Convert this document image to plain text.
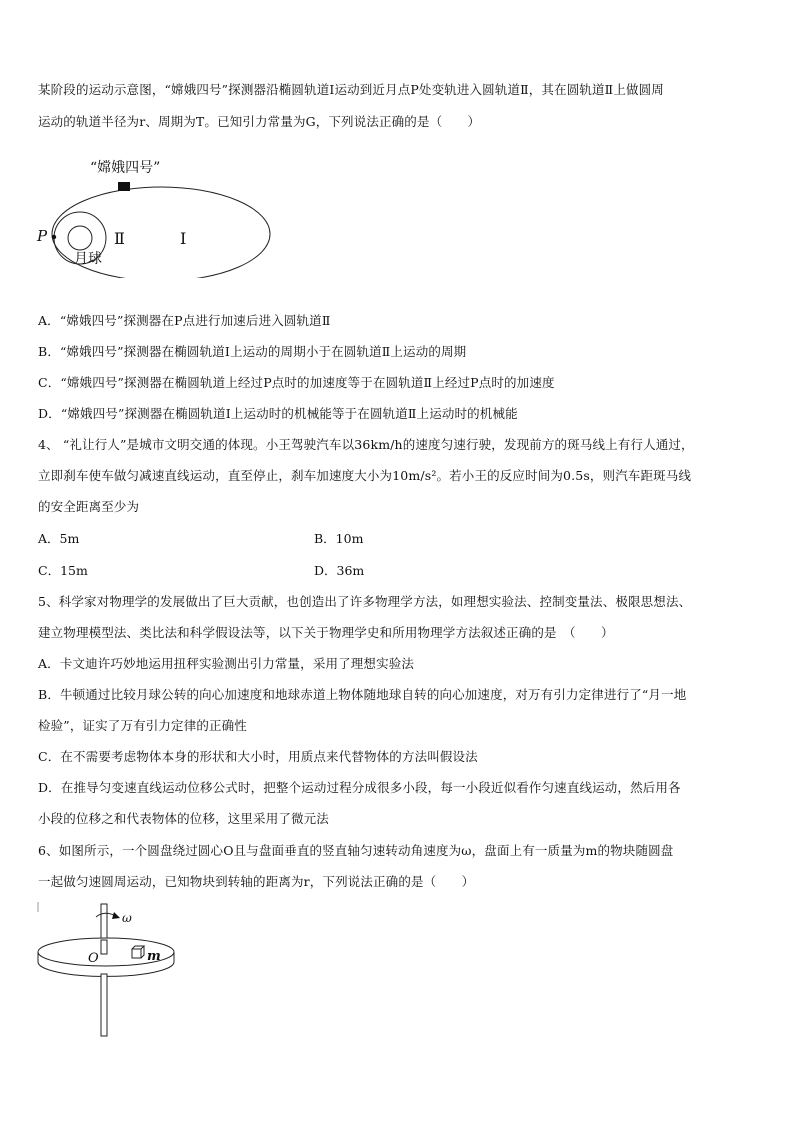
某阶段的运动示意图，“嫦娥四号”探测器沿椭圆轨道Ⅰ运动到近月点P处变轨进入圆轨道Ⅱ，其在圆轨道Ⅱ上做圆周
运动的轨道半径为r、周期为T。已知引力常量为G，下列说法正确的是（　　）
“嫦娥四号”
P	Ⅱ	Ⅰ
月球
A．“嫦娥四号”探测器在P点进行加速后进入圆轨道Ⅱ
B．“嫦娥四号”探测器在椭圆轨道Ⅰ上运动的周期小于在圆轨道Ⅱ上运动的周期
C．“嫦娥四号”探测器在椭圆轨道上经过P点时的加速度等于在圆轨道Ⅱ上经过P点时的加速度
D．“嫦娥四号”探测器在椭圆轨道Ⅰ上运动时的机械能等于在圆轨道Ⅱ上运动时的机械能
4、 “礼让行人”是城市文明交通的体现。小王驾驶汽车以36km/h的速度匀速行驶，发现前方的斑马线上有行人通过，
立即刹车使车做匀减速直线运动，直至停止，刹车加速度大小为10m/s²。若小王的反应时间为0.5s，则汽车距斑马线
的安全距离至少为
A．5m	B．10m
C．15m	D．36m
5、科学家对物理学的发展做出了巨大贡献，也创造出了许多物理学方法，如理想实验法、控制变量法、极限思想法、
建立物理模型法、类比法和科学假设法等，以下关于物理学史和所用物理学方法叙述正确的是　（　　）
A．卡文迪许巧妙地运用扭秤实验测出引力常量，采用了理想实验法
B．牛顿通过比较月球公转的向心加速度和地球赤道上物体随地球自转的向心加速度，对万有引力定律进行了“月一地
检验”，证实了万有引力定律的正确性
C．在不需要考虑物体本身的形状和大小时，用质点来代替物体的方法叫假设法
D．在推导匀变速直线运动位移公式时，把整个运动过程分成很多小段，每一小段近似看作匀速直线运动，然后用各
小段的位移之和代表物体的位移，这里采用了微元法
6、如图所示，一个圆盘绕过圆心O且与盘面垂直的竖直轴匀速转动角速度为ω，盘面上有一质量为m的物块随圆盘
一起做匀速圆周运动，已知物块到转轴的距离为r，下列说法正确的是（　　）
ω
O	m
